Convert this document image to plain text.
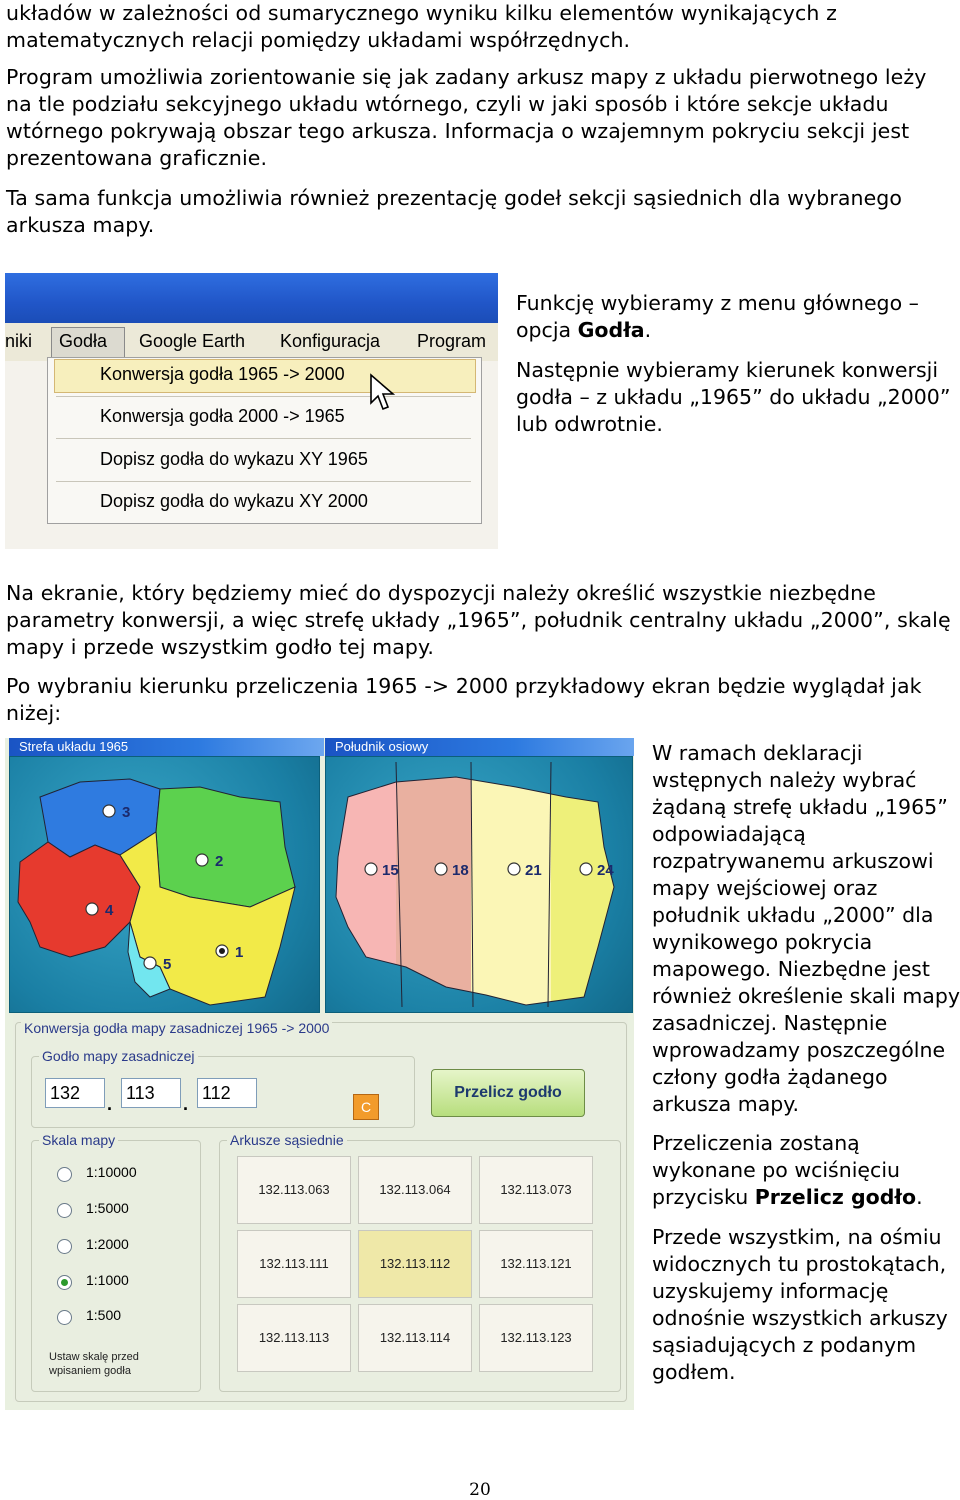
układów w zależności od sumarycznego wyniku kilku elementów wynikających z matematycznych relacji pomiędzy układami współrzędnych.

Program umożliwia zorientowanie się jak zadany arkusz mapy z układu pierwotnego leży na tle podziału sekcyjnego układu wtórnego, czyli w jaki sposób i które sekcje układu wtórnego pokrywają obszar tego arkusza. Informacja o wzajemnym pokryciu sekcji jest prezentowana graficznie.

Ta sama funkcja umożliwia również prezentację godeł sekcji sąsiednich dla wybranego arkusza mapy.

niki Godła Google Earth Konfiguracja Program
Konwersja godła 1965 -> 2000
Konwersja godła 2000 -> 1965
Dopisz godła do wykazu XY 1965
Dopisz godła do wykazu XY 2000

Funkcję wybieramy z menu głównego – opcja Godła.

Następnie wybieramy kierunek konwersji godła – z układu „1965” do układu „2000” lub odwrotnie.

Na ekranie, który będziemy mieć do dyspozycji należy określić wszystkie niezbędne parametry konwersji, a więc strefę układy „1965”, południk centralny układu „2000”, skalę mapy i przede wszystkim godło tej mapy.

Po wybraniu kierunku przeliczenia 1965 -> 2000 przykładowy ekran będzie wyglądał jak niżej:

Strefa układu 1965
3
2
4
1
5
Południk osiowy
15	18	21	24
Konwersja godła mapy zasadniczej 1965 -> 2000
Godło mapy zasadniczej
132
.
113
.
112
C
Przelicz godło
Skala mapy
1:10000
1:5000
1:2000
1:1000
1:500
Ustaw skalę przed wpisaniem godła
Arkusze sąsiednie
132.113.063	132.113.064	132.113.073
132.113.111	132.113.112	132.113.121
132.113.113	132.113.114	132.113.123

W ramach deklaracji wstępnych należy wybrać żądaną strefę układu „1965” odpowiadającą rozpatrywanemu arkuszowi mapy wejściowej oraz południk układu „2000” dla wynikowego pokrycia mapowego. Niezbędne jest również określenie skali mapy zasadniczej. Następnie wprowadzamy poszczególne człony godła żądanego arkusza mapy.

Przeliczenia zostaną wykonane po wciśnięciu przycisku Przelicz godło.

Przede wszystkim, na ośmiu widocznych tu prostokątach, uzyskujemy informację odnośnie wszystkich arkuszy sąsiadujących z podanym godłem.

20
